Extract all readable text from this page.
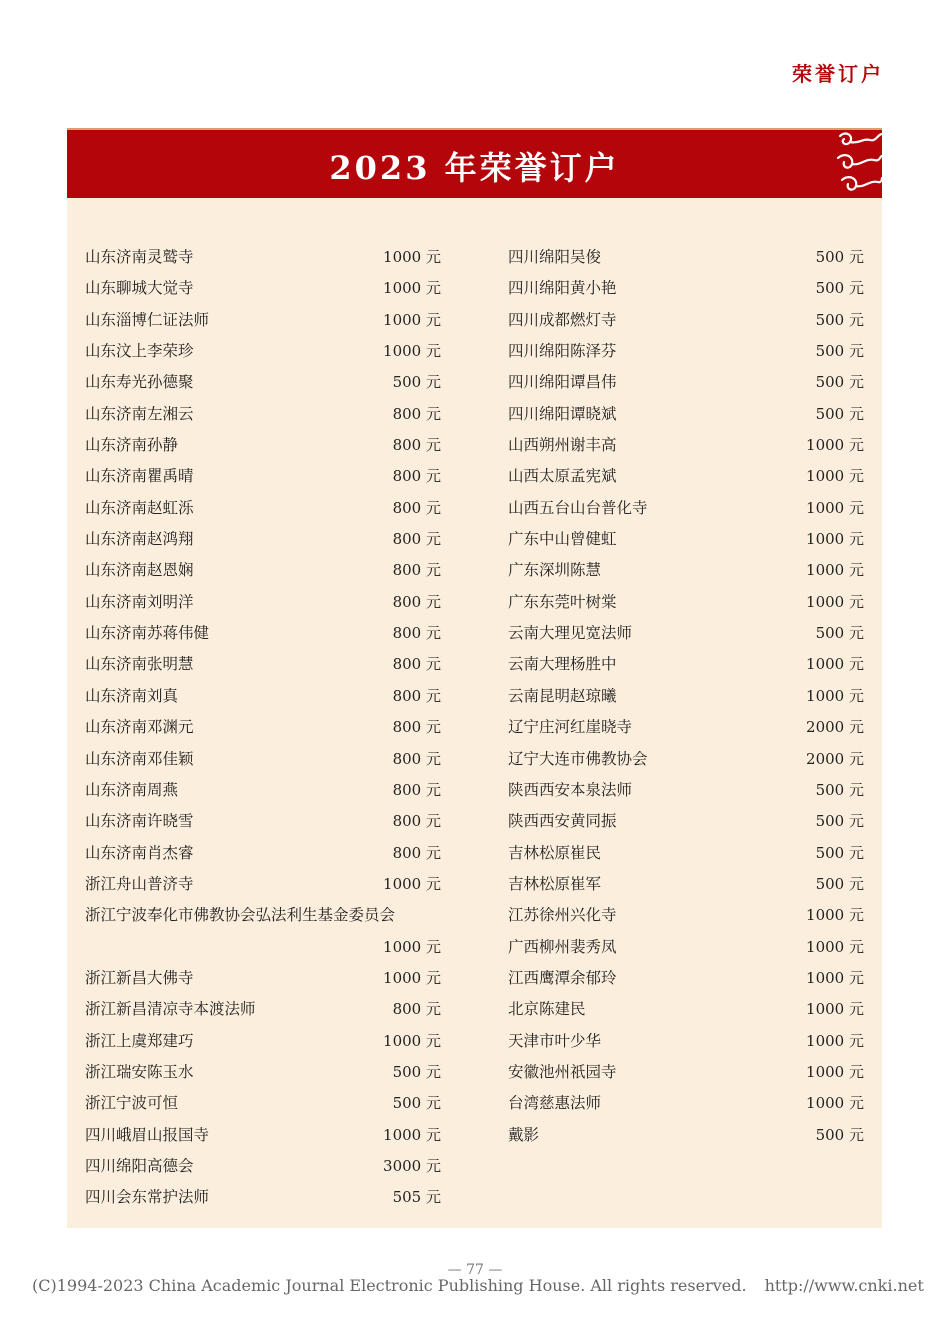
荣誉订户
2023 年荣誉订户
山东济南灵鹫寺	1000 元
山东聊城大觉寺	1000 元
山东淄博仁证法师	1000 元
山东汶上李荣珍	1000 元
山东寿光孙德聚	500 元
山东济南左湘云	800 元
山东济南孙静	800 元
山东济南瞿禹晴	800 元
山东济南赵虹泺	800 元
山东济南赵鸿翔	800 元
山东济南赵恩娴	800 元
山东济南刘明洋	800 元
山东济南苏蒋伟健	800 元
山东济南张明慧	800 元
山东济南刘真	800 元
山东济南邓渊元	800 元
山东济南邓佳颖	800 元
山东济南周燕	800 元
山东济南许晓雪	800 元
山东济南肖杰睿	800 元
浙江舟山普济寺	1000 元
浙江宁波奉化市佛教协会弘法利生基金委员会
1000 元
浙江新昌大佛寺	1000 元
浙江新昌清凉寺本渡法师	800 元
浙江上虞郑建巧	1000 元
浙江瑞安陈玉水	500 元
浙江宁波可恒	500 元
四川峨眉山报国寺	1000 元
四川绵阳高德会	3000 元
四川会东常护法师	505 元
四川绵阳吴俊	500 元
四川绵阳黄小艳	500 元
四川成都燃灯寺	500 元
四川绵阳陈泽芬	500 元
四川绵阳谭昌伟	500 元
四川绵阳谭晓斌	500 元
山西朔州谢丰高	1000 元
山西太原孟宪斌	1000 元
山西五台山台普化寺	1000 元
广东中山曾健虹	1000 元
广东深圳陈慧	1000 元
广东东莞叶树棠	1000 元
云南大理见宽法师	500 元
云南大理杨胜中	1000 元
云南昆明赵琼曦	1000 元
辽宁庄河红崖晓寺	2000 元
辽宁大连市佛教协会	2000 元
陕西西安本泉法师	500 元
陕西西安黄同振	500 元
吉林松原崔民	500 元
吉林松原崔军	500 元
江苏徐州兴化寺	1000 元
广西柳州裴秀凤	1000 元
江西鹰潭余郁玲	1000 元
北京陈建民	1000 元
天津市叶少华	1000 元
安徽池州祇园寺	1000 元
台湾慈惠法师	1000 元
戴影	500 元
— 77 —
(C)1994-2023 China Academic Journal Electronic Publishing House. All rights reserved. http://www.cnki.net
